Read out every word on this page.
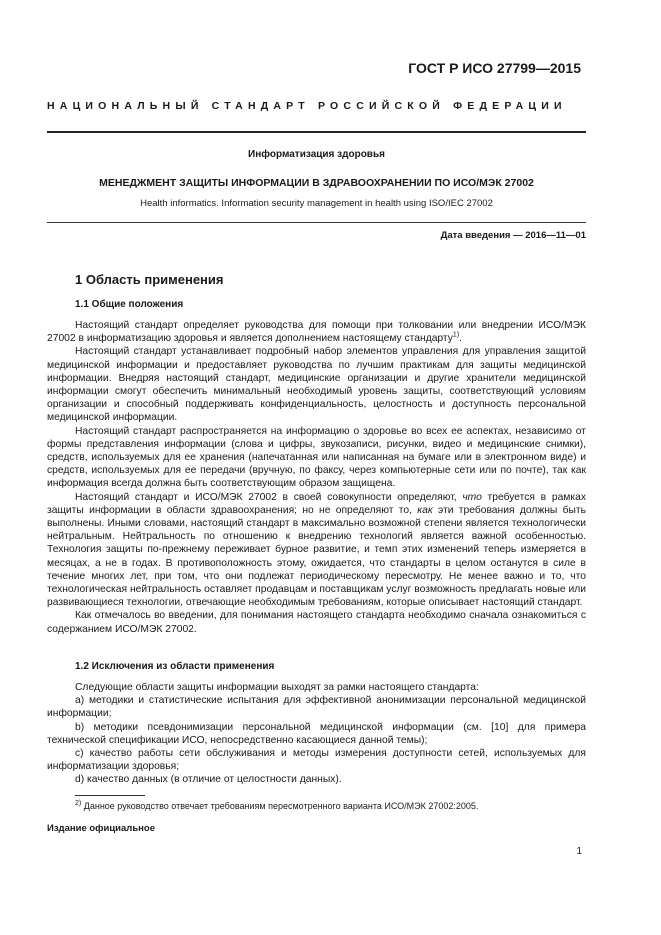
ГОСТ Р ИСО 27799—2015
НАЦИОНАЛЬНЫЙ СТАНДАРТ РОССИЙСКОЙ ФЕДЕРАЦИИ
Информатизация здоровья
МЕНЕДЖМЕНТ ЗАЩИТЫ ИНФОРМАЦИИ В ЗДРАВООХРАНЕНИИ ПО ИСО/МЭК 27002
Health informatics. Information security management in health using ISO/IEC 27002
Дата введения — 2016—11—01
1 Область применения
1.1 Общие положения

Настоящий стандарт определяет руководства для помощи при толковании или внедрении ИСО/МЭК 27002 в информатизацию здоровья и является дополнением настоящему стандарту$^{1)}$.

Настоящий стандарт устанавливает подробный набор элементов управления для управления защитой медицинской информации и предоставляет руководства по лучшим практикам для защиты медицинской информации. Внедряя настоящий стандарт, медицинские организации и другие хранители медицинской информации смогут обеспечить минимальный необходимый уровень защиты, соответствующий условиям организации и способный поддерживать конфиденциальность, целостность и доступность персональной медицинской информации.

Настоящий стандарт распространяется на информацию о здоровье во всех ее аспектах, независимо от формы представления информации (слова и цифры, звукозаписи, рисунки, видео и медицинские снимки), средств, используемых для ее хранения (напечатанная или написанная на бумаге или в электронном виде) и средств, используемых для ее передачи (вручную, по факсу, через компьютерные сети или по почте), так как информация всегда должна быть соответствующим образом защищена.

Настоящий стандарт и ИСО/МЭК 27002 в своей совокупности определяют, что требуется в рамках защиты информации в области здравоохранения; но не определяют то, как эти требования должны быть выполнены. Иными словами, настоящий стандарт в максимально возможной степени является технологически нейтральным. Нейтральность по отношению к внедрению технологий является важной особенностью. Технология защиты по-прежнему переживает бурное развитие, и темп этих изменений теперь измеряется в месяцах, а не в годах. В противоположность этому, ожидается, что стандарты в целом останутся в силе в течение многих лет, при том, что они подлежат периодическому пересмотру. Не менее важно и то, что технологическая нейтральность оставляет продавцам и поставщикам услуг возможность предлагать новые или развивающиеся технологии, отвечающие необходимым требованиям, которые описывает настоящий стандарт.

Как отмечалось во введении, для понимания настоящего стандарта необходимо сначала ознакомиться с содержанием ИСО/МЭК 27002.

1.2 Исключения из области применения

Следующие области защиты информации выходят за рамки настоящего стандарта:

a) методики и статистические испытания для эффективной анонимизации персональной медицинской информации;

b) методики псевдонимизации персональной медицинской информации (см. [10] для примера технической спецификации ИСО, непосредственно касающиеся данной темы);

c) качество работы сети обслуживания и методы измерения доступности сетей, используемых для информатизации здоровья;

d) качество данных (в отличие от целостности данных).

$^{2)}$ Данное руководство отвечает требованиям пересмотренного варианта ИСО/МЭК 27002:2005.
Издание официальное
1
